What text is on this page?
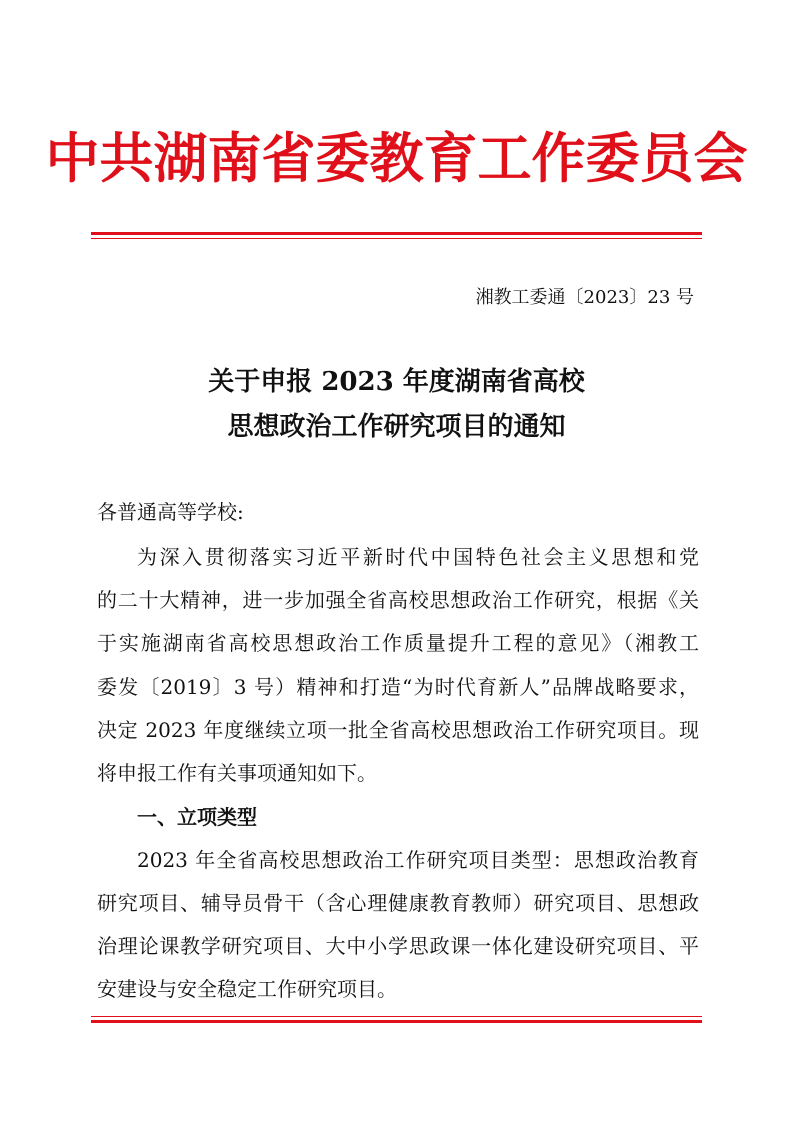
中共湖南省委教育工作委员会
湘教工委通〔2023〕23 号
关于申报 2023 年度湖南省高校
思想政治工作研究项目的通知
各普通高等学校:
为深入贯彻落实习近平新时代中国特色社会主义思想和党
的二十大精神，进一步加强全省高校思想政治工作研究，根据《关
于实施湖南省高校思想政治工作质量提升工程的意见》（湘教工
委发〔2019〕3 号）精神和打造“为时代育新人”品牌战略要求，
决定 2023 年度继续立项一批全省高校思想政治工作研究项目。现
将申报工作有关事项通知如下。
一、立项类型
2023 年全省高校思想政治工作研究项目类型：思想政治教育
研究项目、辅导员骨干（含心理健康教育教师）研究项目、思想政
治理论课教学研究项目、大中小学思政课一体化建设研究项目、平
安建设与安全稳定工作研究项目。
